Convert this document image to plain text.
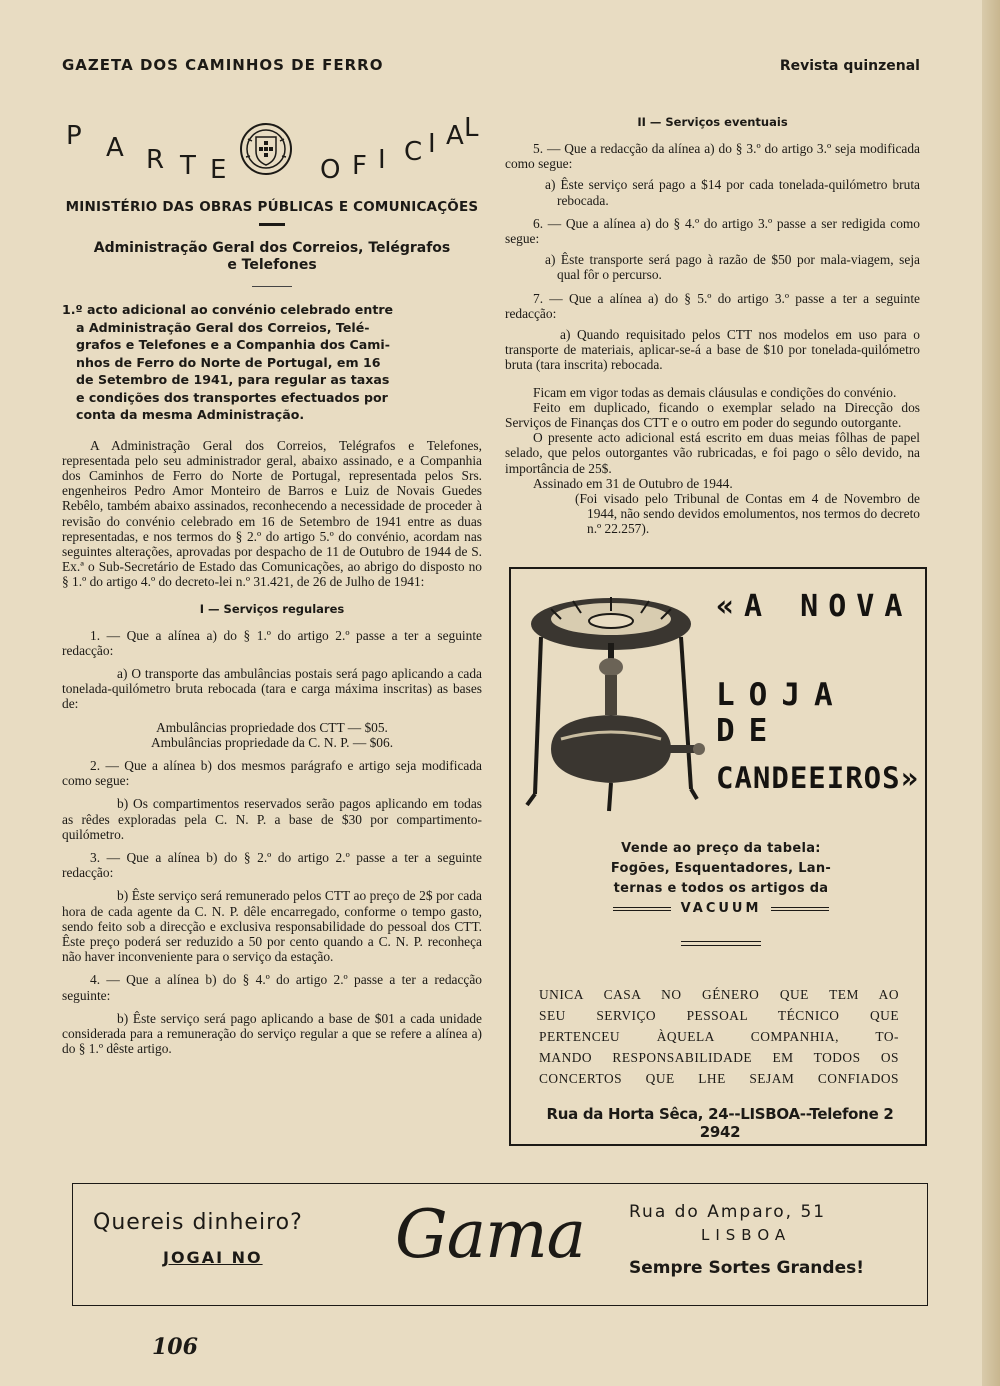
GAZETA DOS CAMINHOS DE FERRO	Revista quinzenal
P A R T E	O F I C I A L
MINISTÉRIO DAS OBRAS PÚBLICAS E COMUNICAÇÕES
Administração Geral dos Correios, Telégrafos
e Telefones

1.º acto adicional ao convénio celebrado entre

a Administração Geral dos Correios, Telé-

grafos e Telefones e a Companhia dos Cami-

nhos de Ferro do Norte de Portugal, em 16

de Setembro de 1941, para regular as taxas

e condições dos transportes efectuados por

conta da mesma Administração.

A Administração Geral dos Correios, Telégrafos e Telefones, representada pelo seu administrador geral, abaixo assinado, e a Companhia dos Caminhos de Ferro do Norte de Portugal, representada pelos Srs. engenheiros Pedro Amor Monteiro de Barros e Luiz de Novais Guedes Rebêlo, também abaixo assinados, reconhecendo a necessidade de proceder à revisão do convénio celebrado em 16 de Setembro de 1941 entre as duas representadas, e nos termos do § 2.º do artigo 5.º do convénio, acordam nas seguintes alterações, aprovadas por despacho de 11 de Outubro de 1944 de S. Ex.ª o Sub-Secretário de Estado das Comunicações, ao abrigo do disposto no § 1.º do artigo 4.º do decreto-lei n.º 31.421, de 26 de Julho de 1941:

I — Serviços regulares

1. — Que a alínea a) do § 1.º do artigo 2.º passe a ter a seguinte redacção:

a) O transporte das ambulâncias postais será pago aplicando a cada tonelada-quilómetro bruta rebocada (tara e carga máxima inscritas) as bases de:

Ambulâncias propriedade dos CTT — $05.

Ambulâncias propriedade da C. N. P. — $06.

2. — Que a alínea b) dos mesmos parágrafo e artigo seja modificada como segue:

b) Os compartimentos reservados serão pagos aplicando em todas as rêdes exploradas pela C. N. P. a base de $30 por compartimento-quilómetro.

3. — Que a alínea b) do § 2.º do artigo 2.º passe a ter a seguinte redacção:

b) Êste serviço será remunerado pelos CTT ao preço de 2$ por cada hora de cada agente da C. N. P. dêle encarregado, conforme o tempo gasto, sendo feito sob a direcção e exclusiva responsabilidade do pessoal dos CTT. Êste preço poderá ser reduzido a 50 por cento quando a C. N. P. reconheça não haver inconveniente para o serviço da estação.

4. — Que a alínea b) do § 4.º do artigo 2.º passe a ter a redacção seguinte:

b) Êste serviço será pago aplicando a base de $01 a cada unidade considerada para a remuneração do serviço regular a que se refere a alínea a) do § 1.º dêste artigo.

II — Serviços eventuais

5. — Que a redacção da alínea a) do § 3.º do artigo 3.º seja modificada como segue:

a) Êste serviço será pago a $14 por cada tonelada-quilómetro bruta rebocada.

6. — Que a alínea a) do § 4.º do artigo 3.º passe a ser redigida como segue:

a) Êste transporte será pago à razão de $50 por mala-viagem, seja qual fôr o percurso.

7. — Que a alínea a) do § 5.º do artigo 3.º passe a ter a seguinte redacção:

a) Quando requisitado pelos CTT nos modelos em uso para o transporte de materiais, aplicar-se-á a base de $10 por tonelada-quilómetro bruta (tara inscrita) rebocada.

Ficam em vigor todas as demais cláusulas e condições do convénio.

Feito em duplicado, ficando o exemplar selado na Direcção dos Serviços de Finanças dos CTT e o outro em poder do segundo outorgante.

O presente acto adicional está escrito em duas meias fôlhas de papel selado, que pelos outorgantes vão rubricadas, e foi pago o sêlo devido, na importância de 25$.

Assinado em 31 de Outubro de 1944.

(Foi visado pelo Tribunal de Contas em 4 de Novembro de 1944, não sendo devidos emolumentos, nos termos do decreto n.º 22.257).

«A NOVA
LOJA DE
CANDEEIROS»
Vende ao preço da tabela:
Fogões, Esquentadores, Lan-
ternas e todos os artigos da
VACUUM
UNICA CASA NO GÉNERO QUE TEM AO
SEU SERVIÇO PESSOAL TÉCNICO QUE
PERTENCEU ÀQUELA COMPANHIA, TO-
MANDO RESPONSABILIDADE EM TODOS OS
CONCERTOS QUE LHE SEJAM CONFIADOS
Rua da Horta Sêca, 24--LISBOA--Telefone 2 2942
Quereis dinheiro?
JOGAI NO Gama	Rua do Amparo, 51
LISBOA
Sempre Sortes Grandes!
106
